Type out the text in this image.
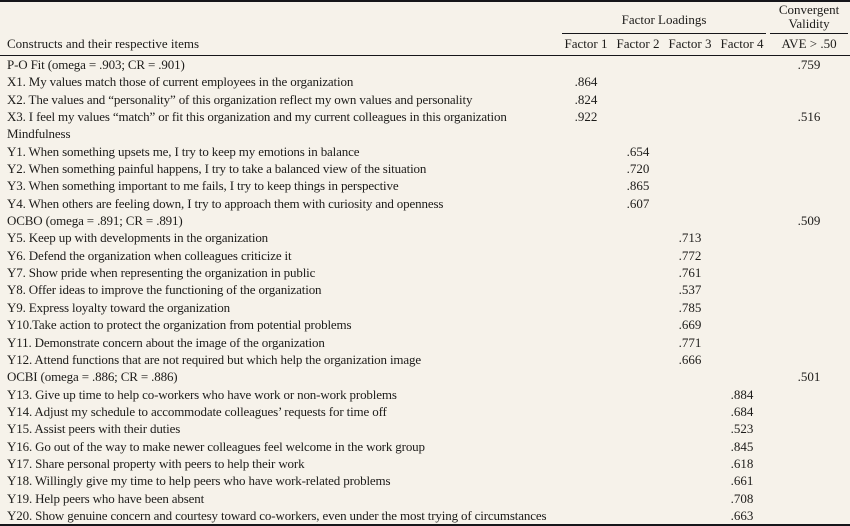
	Factor Loadings				Convergent Validity

Constructs and their respective items	Factor 1	Factor 2	Factor 3	Factor 4	AVE > .50
P-O Fit (omega = .903; CR = .901)					.759
X1. My values match those of current employees in the organization	.864				
X2. The values and “personality” of this organization reflect my own values and personality	.824				
X3. I feel my values “match” or fit this organization and my current colleagues in this organization	.922				.516
Mindfulness					
Y1. When something upsets me, I try to keep my emotions in balance		.654			
Y2. When something painful happens, I try to take a balanced view of the situation		.720			
Y3. When something important to me fails, I try to keep things in perspective		.865			
Y4. When others are feeling down, I try to approach them with curiosity and openness		.607			
OCBO (omega = .891; CR = .891)					.509
Y5. Keep up with developments in the organization			.713		
Y6. Defend the organization when colleagues criticize it			.772		
Y7. Show pride when representing the organization in public			.761		
Y8. Offer ideas to improve the functioning of the organization			.537		
Y9. Express loyalty toward the organization			.785		
Y10.Take action to protect the organization from potential problems			.669		
Y11. Demonstrate concern about the image of the organization			.771		
Y12. Attend functions that are not required but which help the organization image			.666		
OCBI (omega = .886; CR = .886)					.501
Y13. Give up time to help co-workers who have work or non-work problems				.884	
Y14. Adjust my schedule to accommodate colleagues’ requests for time off				.684	
Y15. Assist peers with their duties				.523	
Y16. Go out of the way to make newer colleagues feel welcome in the work group				.845	
Y17. Share personal property with peers to help their work				.618	
Y18. Willingly give my time to help peers who have work-related problems				.661	
Y19. Help peers who have been absent				.708	
Y20. Show genuine concern and courtesy toward co-workers, even under the most trying of circumstances				.663	
